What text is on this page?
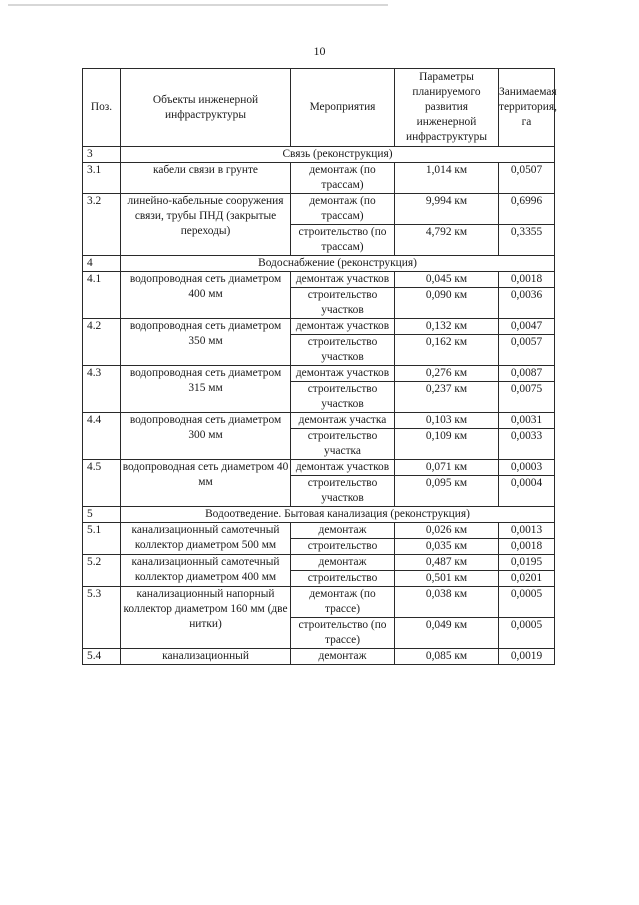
10
Поз.	Объекты инженерной инфраструктуры	Мероприятия	Параметры планируемого развития инженерной инфраструктуры	Занимаемая территория, га
3	Связь (реконструкция)			
3.1	кабели связи в грунте	демонтаж (по трассам)	1,014 км	0,0507
3.2	линейно-кабельные сооружения связи, трубы ПНД (закрытые переходы)	демонтаж (по трассам)	9,994 км	0,6996
		строительство (по трассам)	4,792 км	0,3355
4	Водоснабжение (реконструкция)			
4.1	водопроводная сеть диаметром 400 мм	демонтаж участков	0,045 км	0,0018
		строительство участков	0,090 км	0,0036
4.2	водопроводная сеть диаметром 350 мм	демонтаж участков	0,132 км	0,0047
		строительство участков	0,162 км	0,0057
4.3	водопроводная сеть диаметром 315 мм	демонтаж участков	0,276 км	0,0087
		строительство участков	0,237 км	0,0075
4.4	водопроводная сеть диаметром 300 мм	демонтаж участка	0,103 км	0,0031
		строительство участка	0,109 км	0,0033
4.5	водопроводная сеть диаметром 40 мм	демонтаж участков	0,071 км	0,0003
		строительство участков	0,095 км	0,0004
5	Водоотведение. Бытовая канализация (реконструкция)			
5.1	канализационный самотечный коллектор диаметром 500 мм	демонтаж	0,026 км	0,0013
		строительство	0,035 км	0,0018
5.2	канализационный самотечный коллектор диаметром 400 мм	демонтаж	0,487 км	0,0195
		строительство	0,501 км	0,0201
5.3	канализационный напорный коллектор диаметром 160 мм (две нитки)	демонтаж (по трассе)	0,038 км	0,0005
		строительство (по трассе)	0,049 км	0,0005
5.4	канализационный	демонтаж	0,085 км	0,0019
